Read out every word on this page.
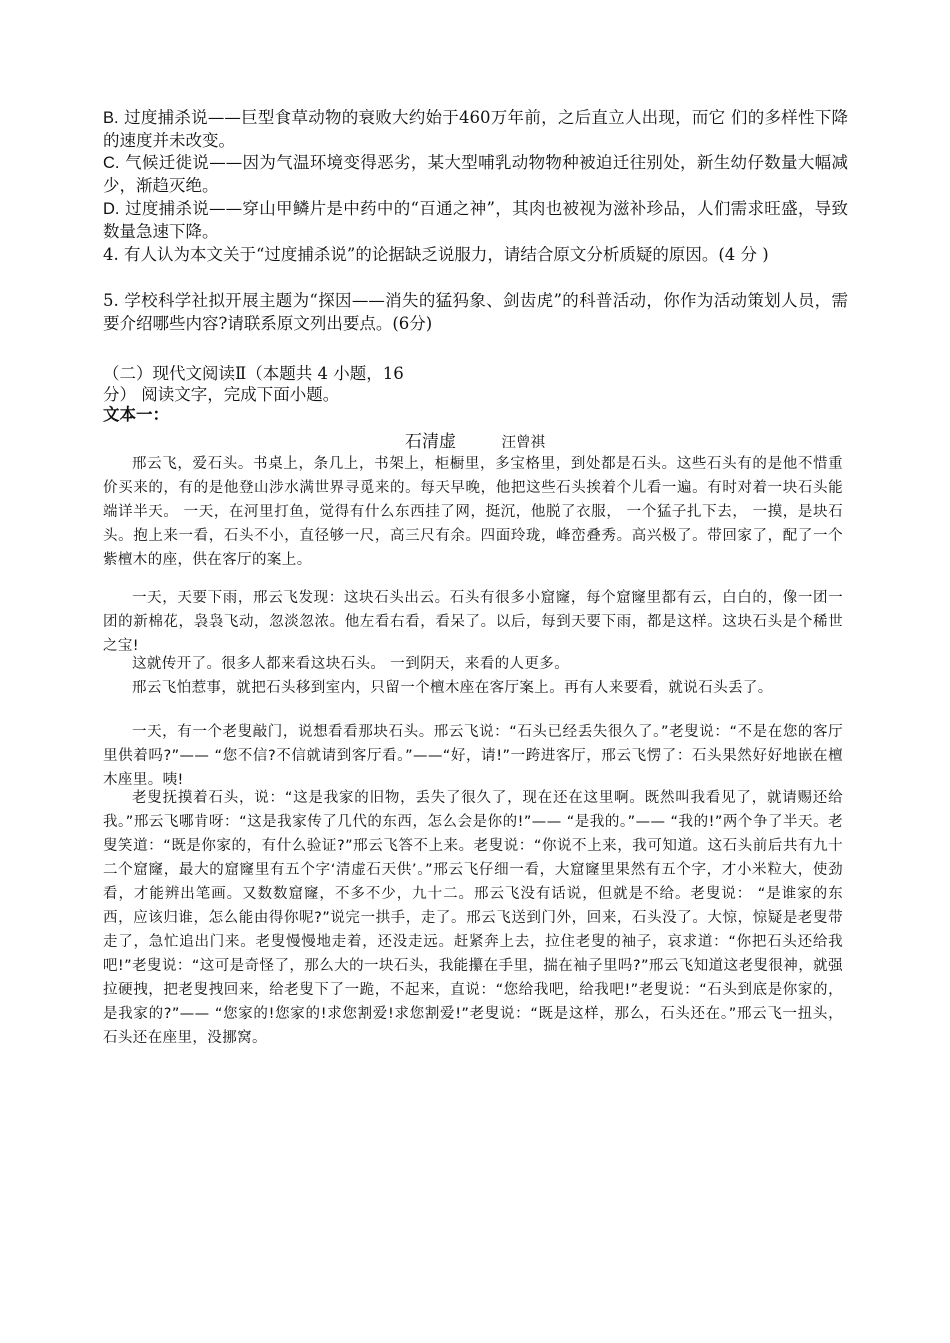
B. 过度捕杀说——巨型食草动物的衰败大约始于460万年前，之后直立人出现，而它 们的多样性下降的速度并未改变。

C. 气候迁徙说——因为气温环境变得恶劣，某大型哺乳动物物种被迫迁往别处，新生幼仔数量大幅减少，渐趋灭绝。

D. 过度捕杀说——穿山甲鳞片是中药中的“百通之神”，其肉也被视为滋补珍品，人们需求旺盛，导致数量急速下降。

4. 有人认为本文关于“过度捕杀说”的论据缺乏说服力，请结合原文分析质疑的原因。(4 分 )

5. 学校科学社拟开展主题为“探因——消失的猛犸象、剑齿虎”的科普活动，你作为活动策划人员，需要介绍哪些内容?请联系原文列出要点。(6分)

（二）现代文阅读Ⅱ（本题共 4 小题，16

分） 阅读文字，完成下面小题。

文本一：

石清虚	汪曾祺

邢云飞，爱石头。书桌上，条几上，书架上，柜橱里，多宝格里，到处都是石头。这些石头有的是他不惜重价买来的，有的是他登山涉水满世界寻觅来的。每天早晚，他把这些石头挨着个儿看一遍。有时对着一块石头能端详半天。 一天，在河里打鱼，觉得有什么东西挂了网，挺沉，他脱了衣服， 一个猛子扎下去， 一摸，是块石头。抱上来一看，石头不小，直径够一尺，高三尺有余。四面玲珑，峰峦叠秀。高兴极了。带回家了，配了一个紫檀木的座，供在客厅的案上。

一天，天要下雨，邢云飞发现：这块石头出云。石头有很多小窟窿，每个窟窿里都有云，白白的，像一团一团的新棉花，袅袅飞动，忽淡忽浓。他左看右看，看呆了。以后，每到天要下雨，都是这样。这块石头是个稀世之宝!

这就传开了。很多人都来看这块石头。 一到阴天，来看的人更多。

邢云飞怕惹事，就把石头移到室内，只留一个檀木座在客厅案上。再有人来要看，就说石头丢了。

一天，有一个老叟敲门，说想看看那块石头。邢云飞说：“石头已经丢失很久了。”老叟说：“不是在您的客厅里供着吗?”—— “您不信?不信就请到客厅看。”——“好，请!”一跨进客厅，邢云飞愣了：石头果然好好地嵌在檀木座里。咦!

老叟抚摸着石头，说：“这是我家的旧物，丢失了很久了，现在还在这里啊。既然叫我看见了，就请赐还给我。”邢云飞哪肯呀：“这是我家传了几代的东西，怎么会是你的!”—— “是我的。”—— “我的!”两个争了半天。老叟笑道：“既是你家的，有什么验证?”邢云飞答不上来。老叟说：“你说不上来，我可知道。这石头前后共有九十二个窟窿，最大的窟窿里有五个字‘清虚石天供’。”邢云飞仔细一看，大窟窿里果然有五个字，才小米粒大，使劲看，才能辨出笔画。又数数窟窿，不多不少，九十二。邢云飞没有话说，但就是不给。老叟说： “是谁家的东西，应该归谁，怎么能由得你呢?”说完一拱手，走了。邢云飞送到门外，回来，石头没了。大惊，惊疑是老叟带走了，急忙追出门来。老叟慢慢地走着，还没走远。赶紧奔上去，拉住老叟的袖子，哀求道：“你把石头还给我吧!”老叟说：“这可是奇怪了，那么大的一块石头，我能攥在手里，揣在袖子里吗?”邢云飞知道这老叟很神，就强拉硬拽，把老叟拽回来，给老叟下了一跪，不起来，直说：“您给我吧，给我吧!”老叟说：“石头到底是你家的，是我家的?”—— “您家的!您家的!求您割爱!求您割爱!”老叟说：“既是这样，那么，石头还在。”邢云飞一扭头，石头还在座里，没挪窝。
